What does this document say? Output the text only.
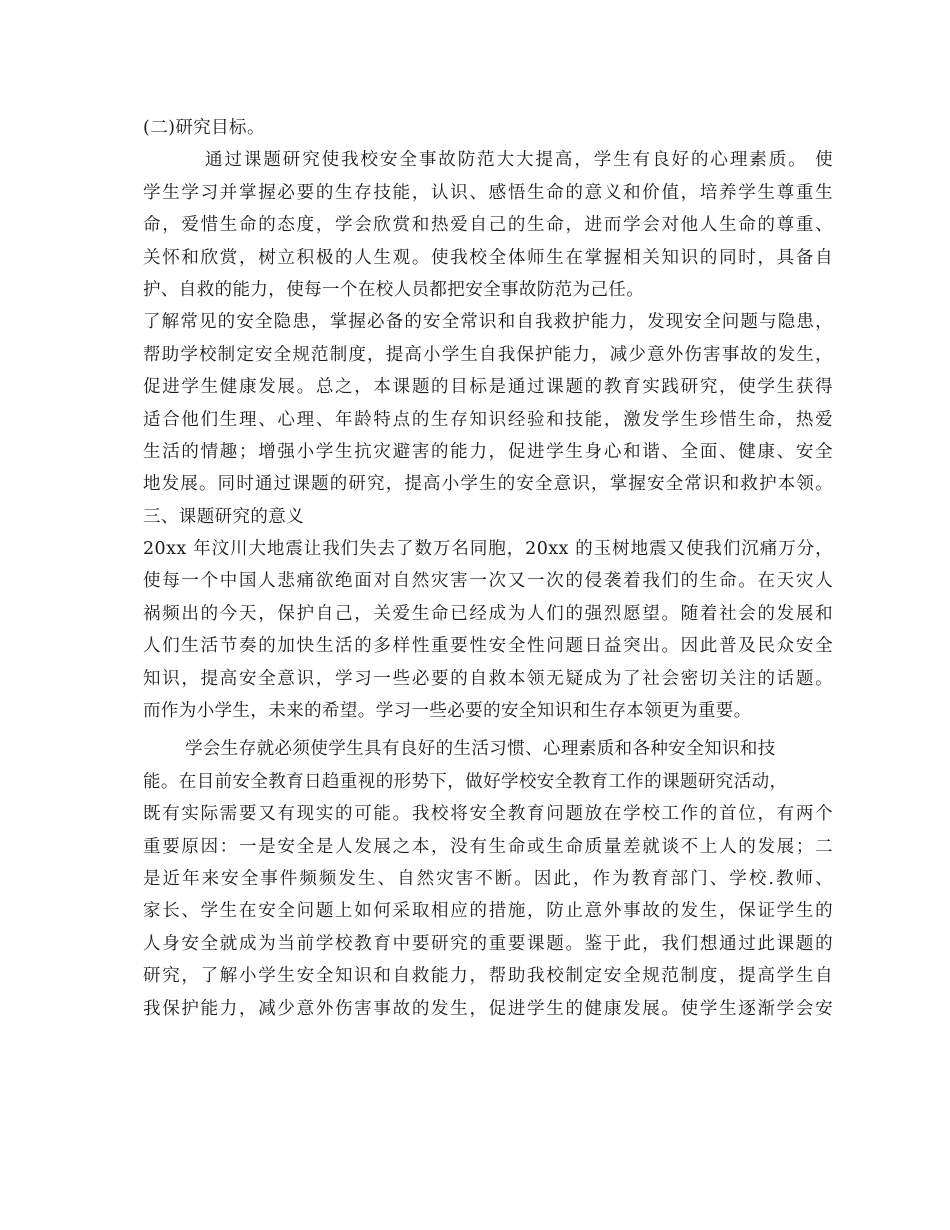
(二)研究目标。
通过课题研究使我校安全事故防范大大提高，学生有良好的心理素质。 使
学生学习并掌握必要的生存技能，认识、感悟生命的意义和价值，培养学生尊重生
命，爱惜生命的态度，学会欣赏和热爱自己的生命，进而学会对他人生命的尊重、
关怀和欣赏，树立积极的人生观。使我校全体师生在掌握相关知识的同时，具备自
护、自救的能力，使每一个在校人员都把安全事故防范为己任。
了解常见的安全隐患，掌握必备的安全常识和自我救护能力，发现安全问题与隐患，
帮助学校制定安全规范制度，提高小学生自我保护能力，减少意外伤害事故的发生，
促进学生健康发展。总之，本课题的目标是通过课题的教育实践研究，使学生获得
适合他们生理、心理、年龄特点的生存知识经验和技能，激发学生珍惜生命，热爱
生活的情趣；增强小学生抗灾避害的能力，促进学生身心和谐、全面、健康、安全
地发展。同时通过课题的研究，提高小学生的安全意识，掌握安全常识和救护本领。
三、课题研究的意义
20xx 年汶川大地震让我们失去了数万名同胞，20xx 的玉树地震又使我们沉痛万分，
使每一个中国人悲痛欲绝面对自然灾害一次又一次的侵袭着我们的生命。在天灾人
祸频出的今天，保护自己，关爱生命已经成为人们的强烈愿望。随着社会的发展和
人们生活节奏的加快生活的多样性重要性安全性问题日益突出。因此普及民众安全
知识，提高安全意识，学习一些必要的自救本领无疑成为了社会密切关注的话题。
而作为小学生，未来的希望。学习一些必要的安全知识和生存本领更为重要。
学会生存就必须使学生具有良好的生活习惯、心理素质和各种安全知识和技
能。在目前安全教育日趋重视的形势下，做好学校安全教育工作的课题研究活动，
既有实际需要又有现实的可能。我校将安全教育问题放在学校工作的首位，有两个
重要原因：一是安全是人发展之本，没有生命或生命质量差就谈不上人的发展；二
是近年来安全事件频频发生、自然灾害不断。因此，作为教育部门、学校.教师、
家长、学生在安全问题上如何采取相应的措施，防止意外事故的发生，保证学生的
人身安全就成为当前学校教育中要研究的重要课题。鉴于此，我们想通过此课题的
研究，了解小学生安全知识和自救能力，帮助我校制定安全规范制度，提高学生自
我保护能力，减少意外伤害事故的发生，促进学生的健康发展。使学生逐渐学会安
